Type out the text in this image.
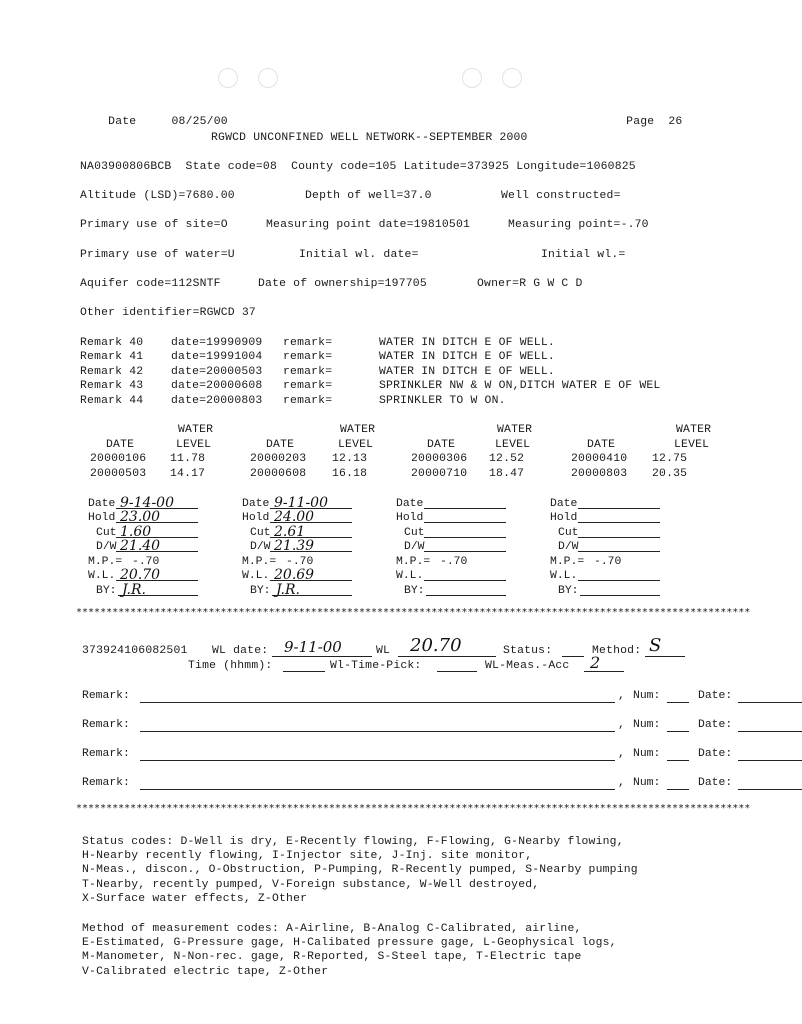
Date	08/25/00
	Page 26

RGWCD UNCONFINED WELL NETWORK--SEPTEMBER 2000
NA03900806BCB  State code=08  County code=105 Latitude=373925 Longitude=1060825
Altitude (LSD)=7680.00	Depth of well=37.0	Well constructed=
Primary use of site=O	Measuring point date=19810501	Measuring point=-.70
Primary use of water=U	Initial wl. date=	Initial wl.=
Aquifer code=112SNTF	Date of ownership=197705	Owner=R G W C D
Other identifier=RGWCD 37
Remark 40 date=19990909 remark=	WATER IN DITCH E OF WELL.
Remark 41 date=19991004 remark=	WATER IN DITCH E OF WELL.
Remark 42 date=20000503 remark=	WATER IN DITCH E OF WELL.
Remark 43 date=20000608 remark=	SPRINKLER NW & W ON,DITCH WATER E OF WEL
Remark 44 date=20000803 remark=	SPRINKLER TO W ON.
WATER	WATER	WATER	WATER
DATE	LEVEL	DATE	LEVEL	DATE	LEVEL	DATE	LEVEL
20000106 11.78	20000203 12.13	20000306 12.52	20000410 12.75
20000503 14.17	20000608 16.18	20000710 18.47	20000803 20.35
Date 9-14-00
Hold 23.00
Cut 1.60
D/W 21.40
M.P.= -.70
W.L. 20.70
BY: J.R.
Date 9-11-00
Hold 24.00
Cut 2.61
D/W 21.39
M.P.= -.70
W.L. 20.69
BY: J.R.
Date
Hold
Cut
D/W
M.P.= -.70
W.L.
BY:
Date
Hold
Cut
D/W
M.P.= -.70
W.L.
BY:
****************************************************************************************************************
373924106082501 WL date: 9-11-00	WL 20.70	Status:	Method: S
Time (hhmm):	Wl-Time-Pick:	WL-Meas.-Acc 2
Remark:	, Num:	Date:
Remark:	, Num:	Date:
Remark:	, Num:	Date:
Remark:	, Num:	Date:
****************************************************************************************************************
Status codes: D-Well is dry, E-Recently flowing, F-Flowing, G-Nearby flowing,
H-Nearby recently flowing, I-Injector site, J-Inj. site monitor,
N-Meas., discon., O-Obstruction, P-Pumping, R-Recently pumped, S-Nearby pumping
T-Nearby, recently pumped, V-Foreign substance, W-Well destroyed,
X-Surface water effects, Z-Other
Method of measurement codes: A-Airline, B-Analog C-Calibrated, airline,
E-Estimated, G-Pressure gage, H-Calibated pressure gage, L-Geophysical logs,
M-Manometer, N-Non-rec. gage, R-Reported, S-Steel tape, T-Electric tape
V-Calibrated electric tape, Z-Other
